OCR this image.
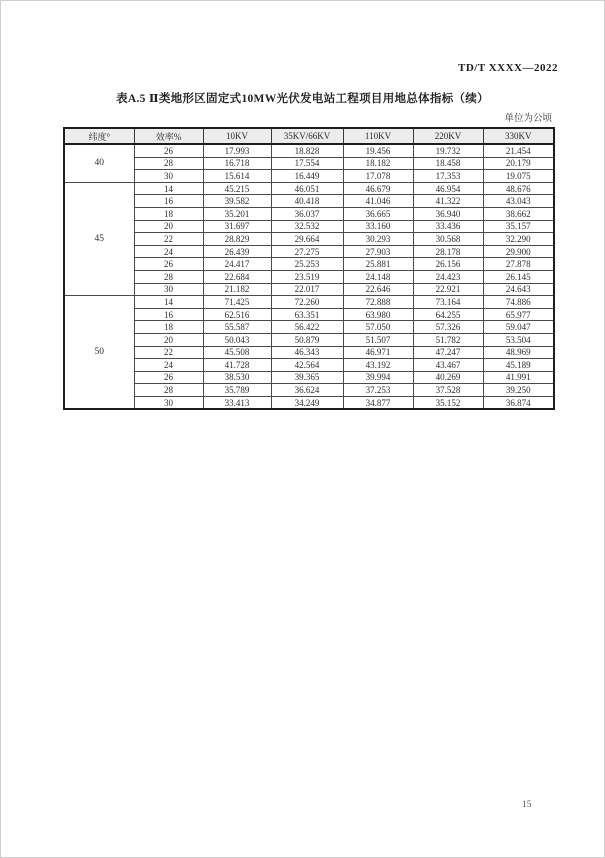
TD/T XXXX—2022
表A.5 Ⅱ类地形区固定式10MW光伏发电站工程项目用地总体指标（续）
单位为公顷
纬度°	效率%	10KV	35KV/66KV	110KV	220KV	330KV
40	26	17.993	18.828	19.456	19.732	21.454
	28	16.718	17.554	18.182	18.458	20.179
	30	15.614	16.449	17.078	17.353	19.075
45	14	45.215	46.051	46.679	46.954	48.676
	16	39.582	40.418	41.046	41.322	43.043
	18	35.201	36.037	36.665	36.940	38.662
	20	31.697	32.532	33.160	33.436	35.157
	22	28.829	29.664	30.293	30.568	32.290
	24	26.439	27.275	27.903	28.178	29.900
	26	24.417	25.253	25.881	26.156	27.878
	28	22.684	23.519	24.148	24.423	26.145
	30	21.182	22.017	22.646	22.921	24.643
50	14	71.425	72.260	72.888	73.164	74.886
	16	62.516	63.351	63.980	64.255	65.977
	18	55.587	56.422	57.050	57.326	59.047
	20	50.043	50.879	51.507	51.782	53.504
	22	45.508	46.343	46.971	47.247	48.969
	24	41.728	42.564	43.192	43.467	45.189
	26	38.530	39.365	39.994	40.269	41.991
	28	35.789	36.624	37.253	37.528	39.250
	30	33.413	34.249	34.877	35.152	36.874
15
